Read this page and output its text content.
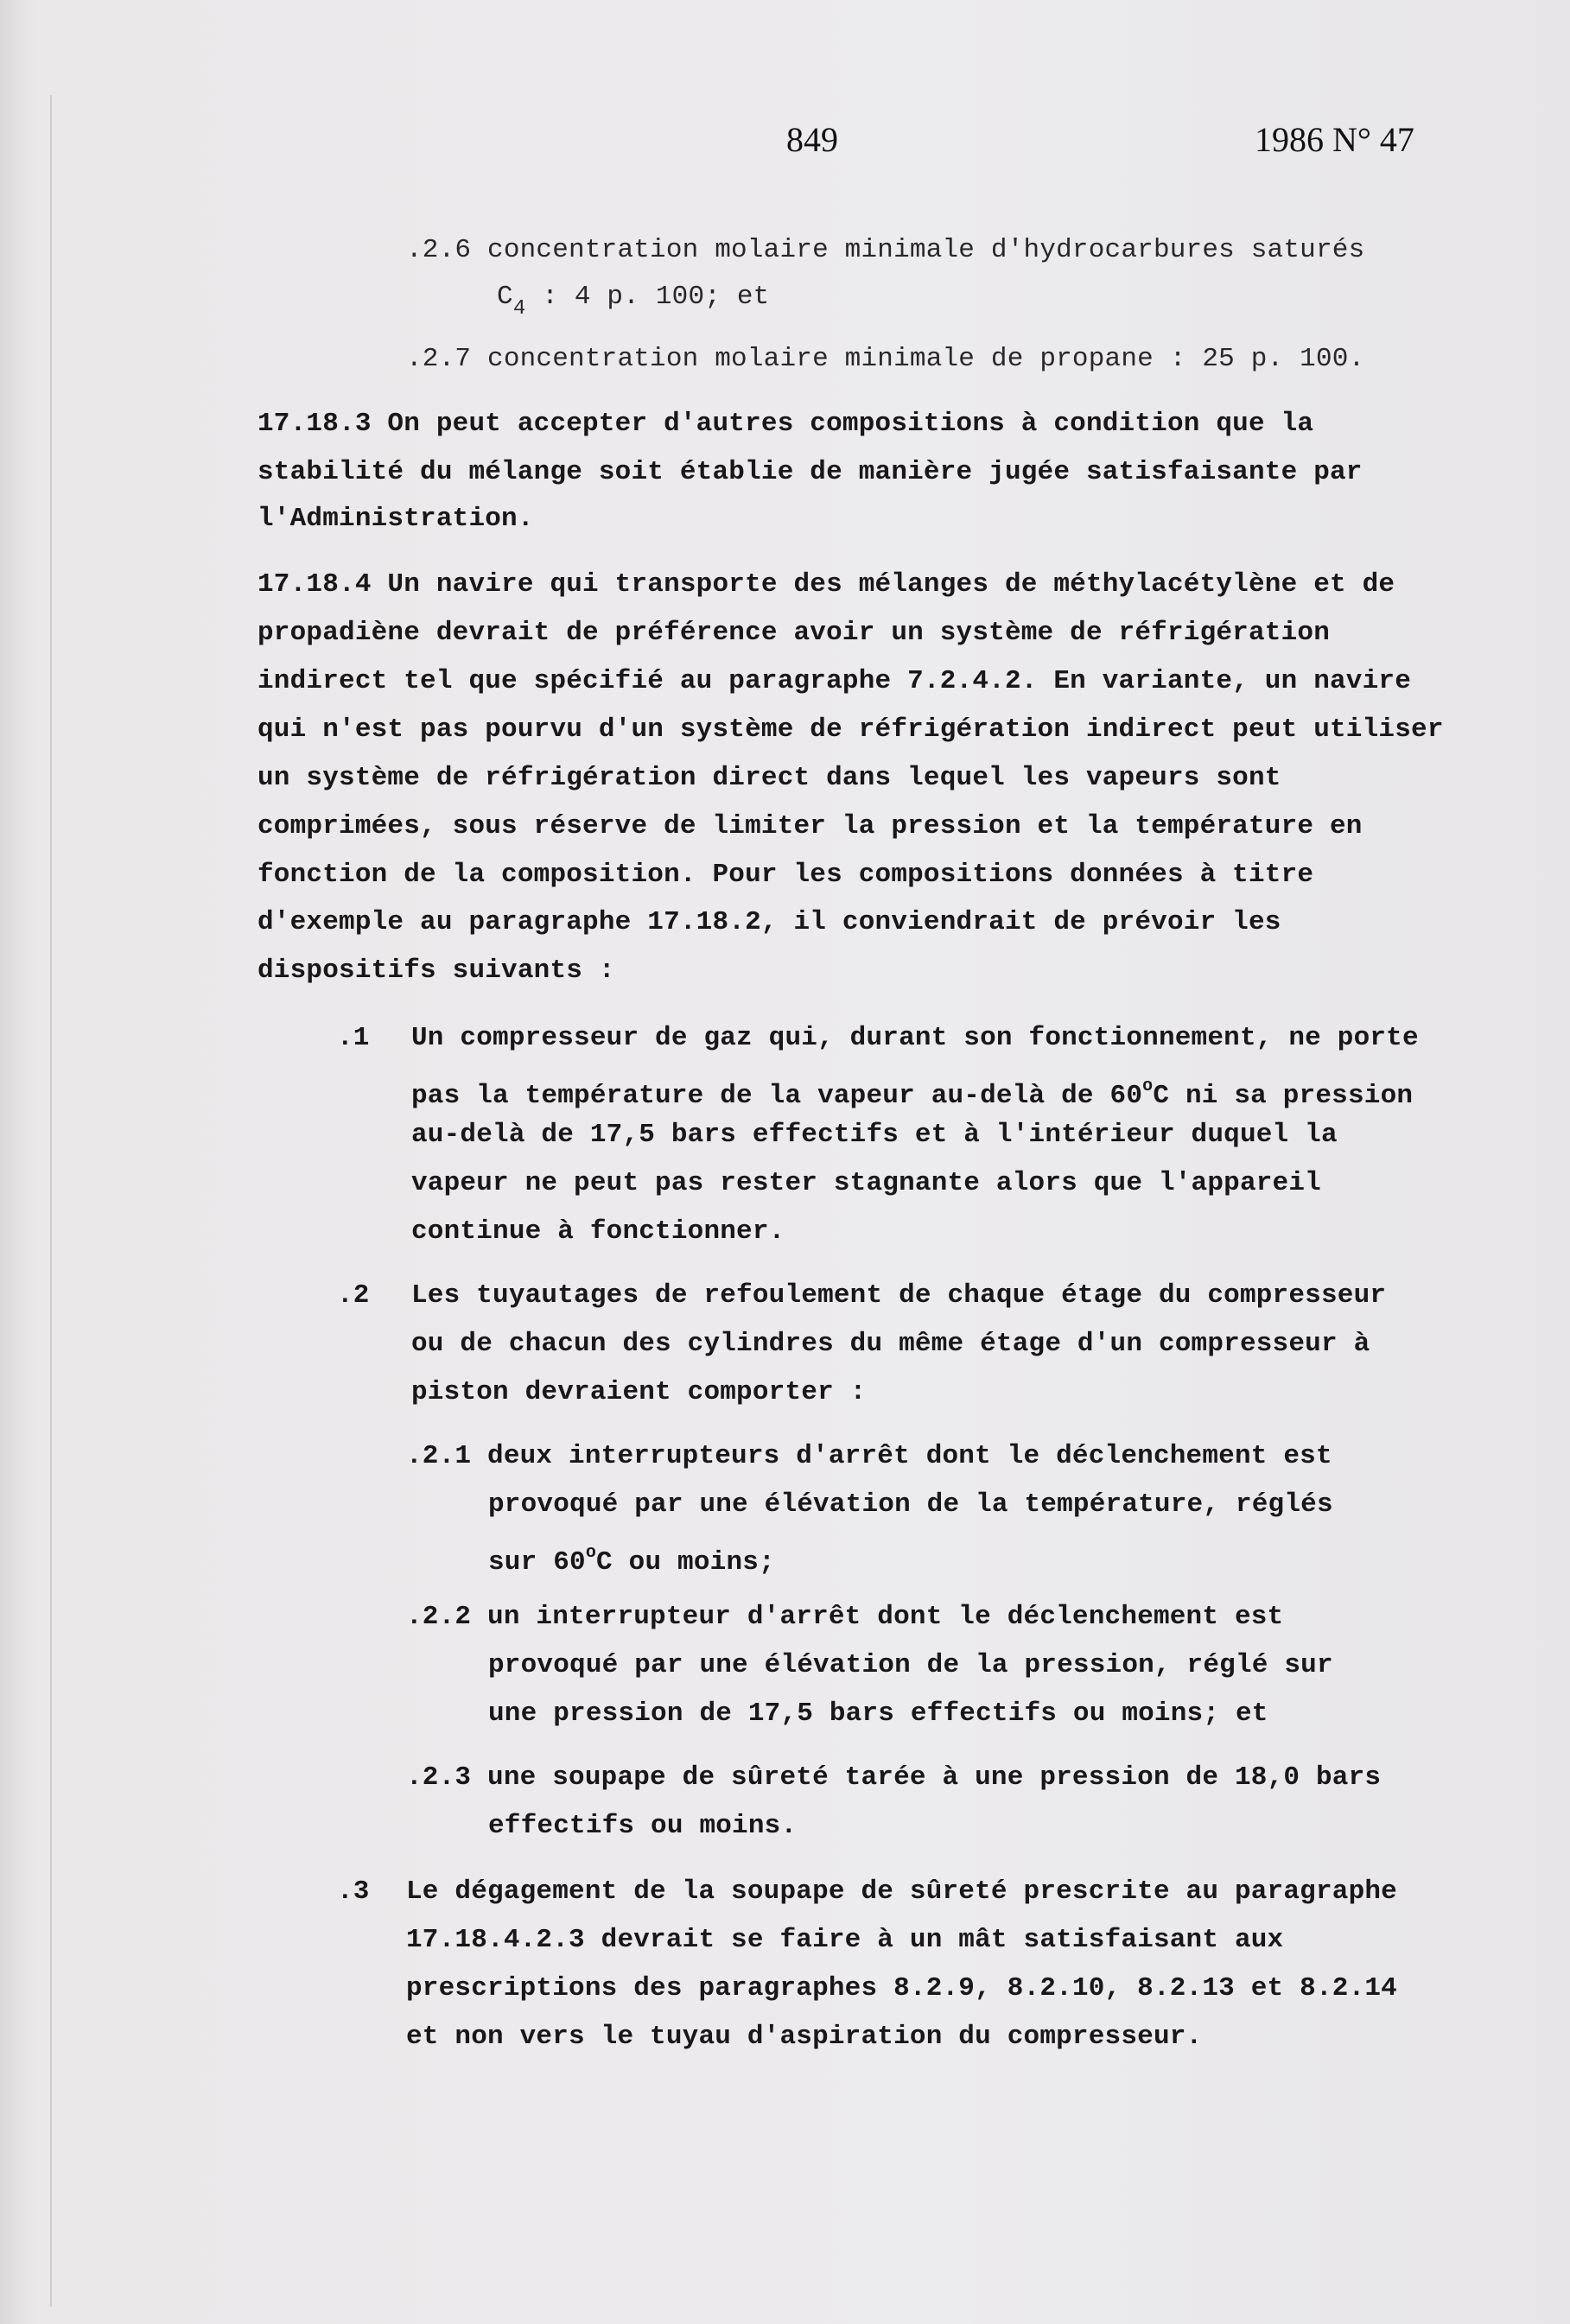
849	1986 N° 47
.2.6 concentration molaire minimale d'hydrocarbures saturés
$C_4$ : 4 p. 100; et
.2.7 concentration molaire minimale de propane : 25 p. 100.
17.18.3 On peut accepter d'autres compositions à condition que la
stabilité du mélange soit établie de manière jugée satisfaisante par
l'Administration.
17.18.4 Un navire qui transporte des mélanges de méthylacétylène et de
propadiène devrait de préférence avoir un système de réfrigération
indirect tel que spécifié au paragraphe 7.2.4.2. En variante, un navire
qui n'est pas pourvu d'un système de réfrigération indirect peut utiliser
un système de réfrigération direct dans lequel les vapeurs sont
comprimées, sous réserve de limiter la pression et la température en
fonction de la composition. Pour les compositions données à titre
d'exemple au paragraphe 17.18.2, il conviendrait de prévoir les
dispositifs suivants :
.1 Un compresseur de gaz qui, durant son fonctionnement, ne porte
pas la température de la vapeur au-delà de 60$^o$C ni sa pression
au-delà de 17,5 bars effectifs et à l'intérieur duquel la
vapeur ne peut pas rester stagnante alors que l'appareil
continue à fonctionner.
.2 Les tuyautages de refoulement de chaque étage du compresseur
ou de chacun des cylindres du même étage d'un compresseur à
piston devraient comporter :
.2.1 deux interrupteurs d'arrêt dont le déclenchement est
provoqué par une élévation de la température, réglés
sur 60$^o$C ou moins;
.2.2 un interrupteur d'arrêt dont le déclenchement est
provoqué par une élévation de la pression, réglé sur
une pression de 17,5 bars effectifs ou moins; et
.2.3 une soupape de sûreté tarée à une pression de 18,0 bars
effectifs ou moins.
.3 Le dégagement de la soupape de sûreté prescrite au paragraphe
17.18.4.2.3 devrait se faire à un mât satisfaisant aux
prescriptions des paragraphes 8.2.9, 8.2.10, 8.2.13 et 8.2.14
et non vers le tuyau d'aspiration du compresseur.
